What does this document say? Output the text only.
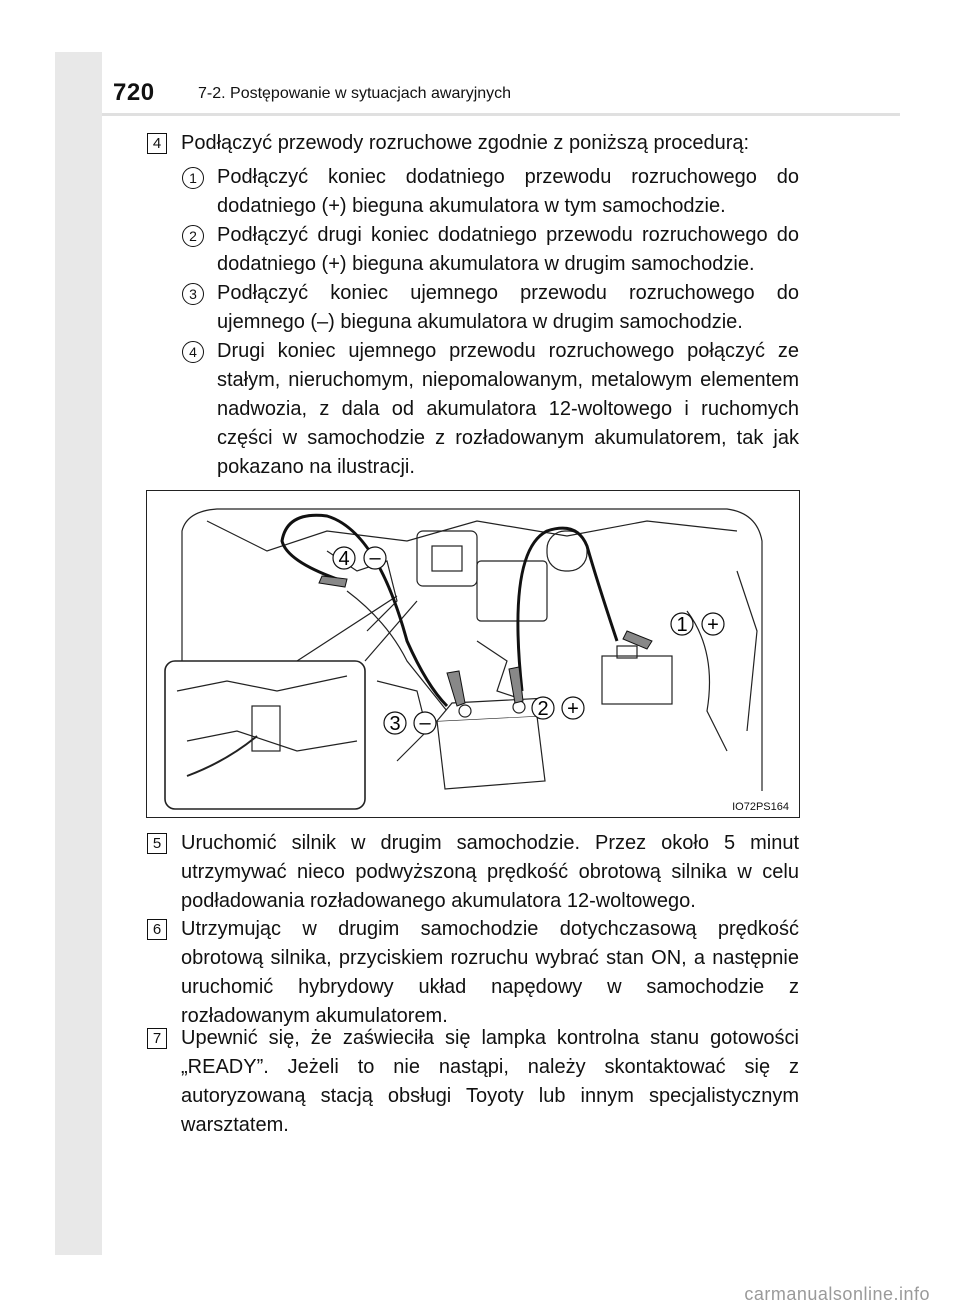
720	7-2. Postępowanie w sytuacjach awaryjnych
4 Podłączyć przewody rozruchowe zgodnie z poniższą procedurą:
1	Podłączyć koniec dodatniego przewodu rozruchowego do dodatniego (+) bieguna akumulatora w tym samochodzie.
2	Podłączyć drugi koniec dodatniego przewodu rozruchowego do dodatniego (+) bieguna akumulatora w drugim samochodzie.
3	Podłączyć koniec ujemnego przewodu rozruchowego do ujemnego (–) bieguna akumulatora w drugim samochodzie.
4	Drugi koniec ujemnego przewodu rozruchowego połączyć ze stałym, nieruchomym, niepomalowanym, metalowym elementem nadwozia, z dala od akumulatora 12-woltowego i ruchomych części w samochodzie z rozładowanym akumulatorem, tak jak pokazano na ilustracji.
4 –
1 +
2 +
3 –
IO72PS164
5 Uruchomić silnik w drugim samochodzie. Przez około 5 minut utrzymywać nieco podwyższoną prędkość obrotową silnika w celu podładowania rozładowanego akumulatora 12-woltowego.
6 Utrzymując w drugim samochodzie dotychczasową prędkość obrotową silnika, przyciskiem rozruchu wybrać stan ON, a następnie uruchomić hybrydowy układ napędowy w samochodzie z rozładowanym akumulatorem.
7 Upewnić się, że zaświeciła się lampka kontrolna stanu gotowości „READY”. Jeżeli to nie nastąpi, należy skontaktować się z autoryzowaną stacją obsługi Toyoty lub innym specjalistycznym warsztatem.
carmanualsonline.info
